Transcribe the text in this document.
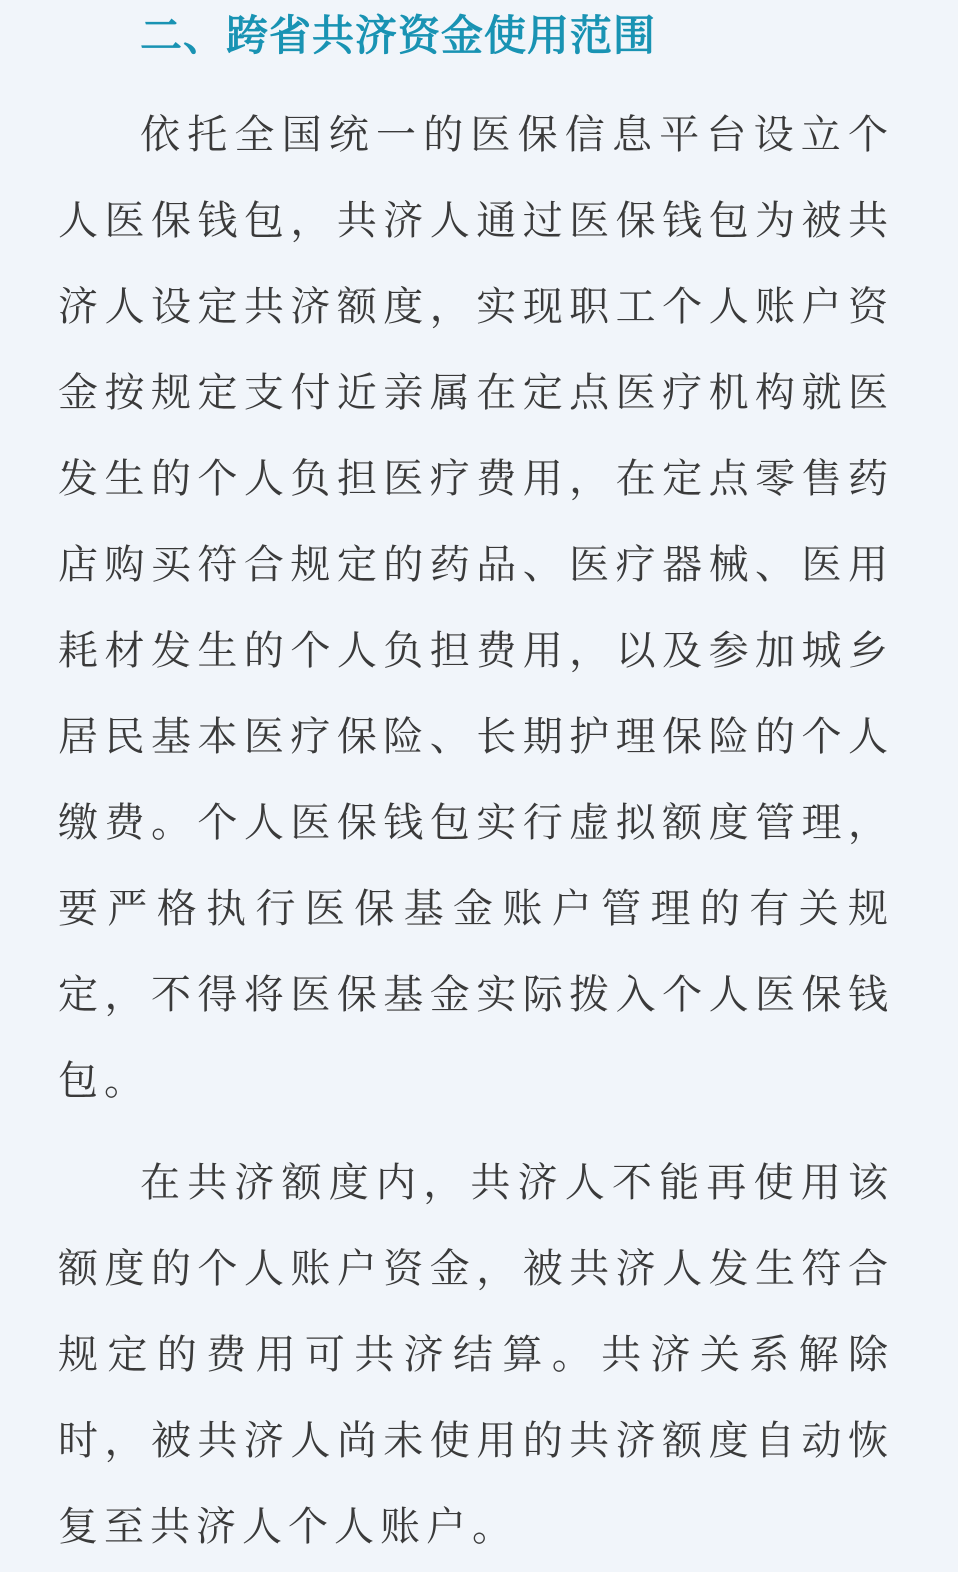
二、跨省共济资金使用范围

依托全国统一的医保信息平台设立个

人医保钱包，共济人通过医保钱包为被共

济人设定共济额度，实现职工个人账户资

金按规定支付近亲属在定点医疗机构就医

发生的个人负担医疗费用，在定点零售药

店购买符合规定的药品、医疗器械、医用

耗材发生的个人负担费用，以及参加城乡

居民基本医疗保险、长期护理保险的个人

缴费。个人医保钱包实行虚拟额度管理，

要严格执行医保基金账户管理的有关规

定，不得将医保基金实际拨入个人医保钱

包。

在共济额度内，共济人不能再使用该

额度的个人账户资金，被共济人发生符合

规定的费用可共济结算。共济关系解除

时，被共济人尚未使用的共济额度自动恢

复至共济人个人账户。
